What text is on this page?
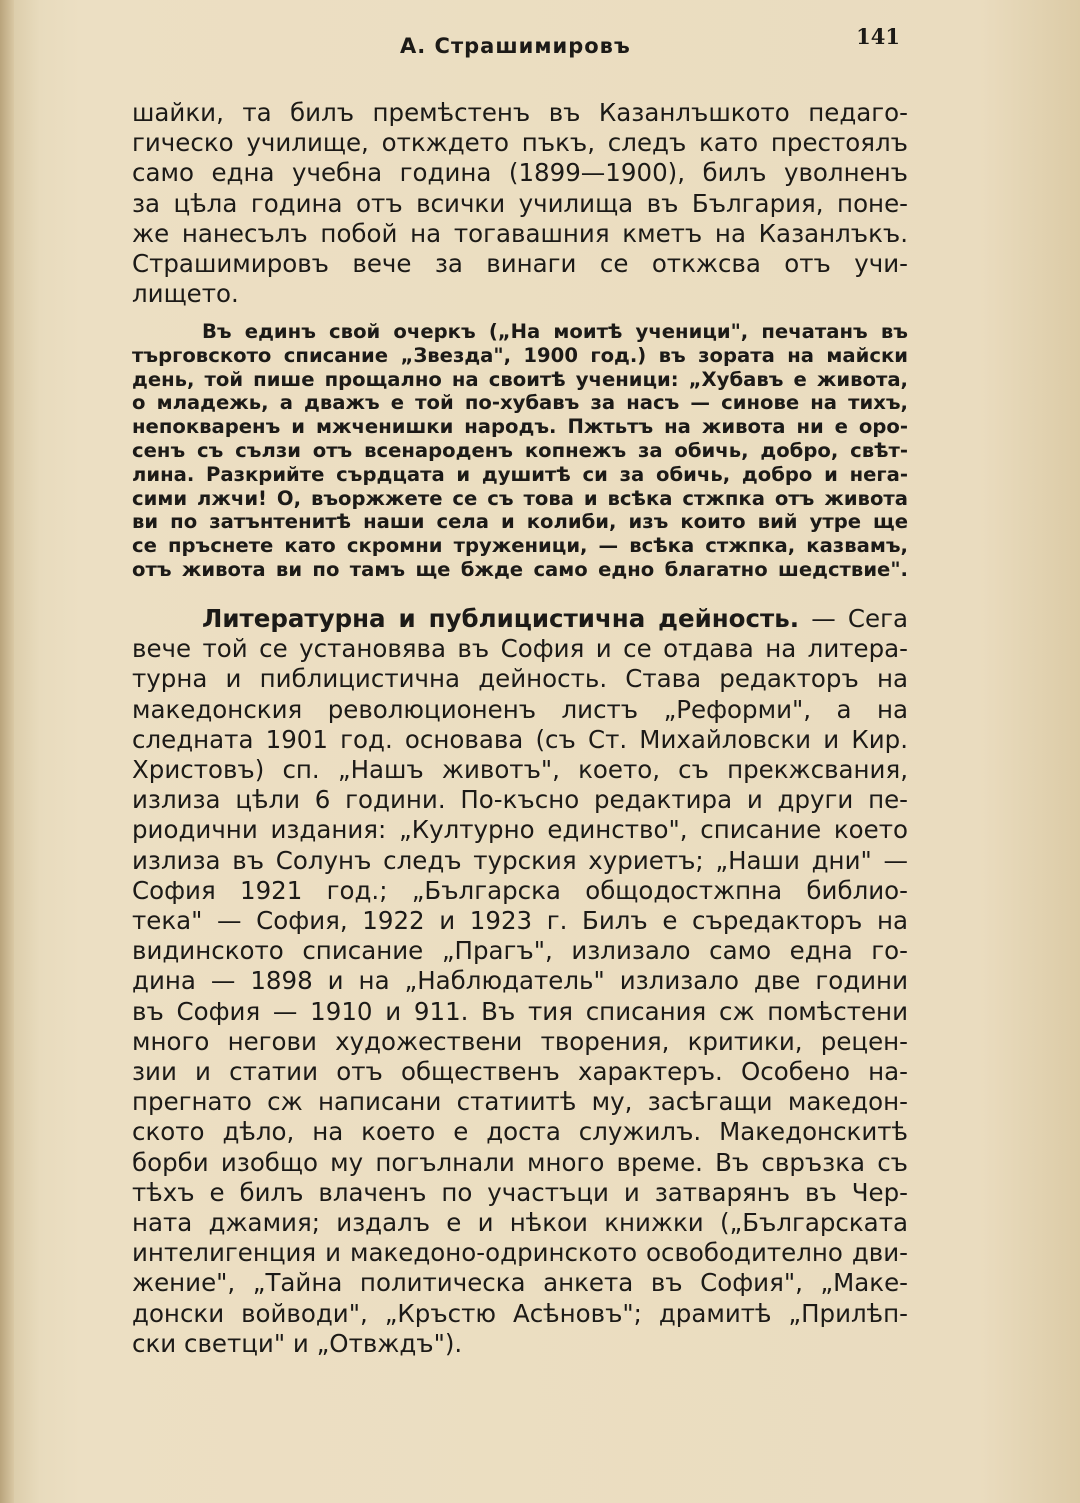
А. Страшимировъ	141
шайки, та билъ премѣстенъ въ Казанлъшкото педаго-
гическо училище, откждето пъкъ, следъ като престоялъ
само една учебна година (1899—1900), билъ уволненъ
за цѣла година отъ всички училища въ България, поне-
же нанесълъ побой на тогавашния кметъ на Казанлъкъ.
Страшимировъ вече за винаги се откжсва отъ учи-
лището.
Въ единъ свой очеркъ („На моитѣ ученици", печатанъ въ
търговското списание „Звезда", 1900 год.) въ зората на майски
день, той пише прощално на своитѣ ученици: „Хубавъ е живота,
о младежь, а дважъ е той по-хубавъ за насъ — синове на тихъ,
непокваренъ и мжченишки народъ. Пжтьтъ на живота ни е оро-
сенъ съ сълзи отъ всенароденъ копнежъ за обичь, добро, свѣт-
лина. Разкрийте сърдцата и душитѣ си за обичь, добро и нега-
сими лжчи! О, въоржжете се съ това и всѣка стжпка отъ живота
ви по затънтенитѣ наши села и колиби, изъ които вий утре ще
се пръснете като скромни труженици, — всѣка стжпка, казвамъ,
отъ живота ви по тамъ ще бжде само едно благатно шедствие".
Литературна и публицистична дейность. — Сега
вече той се установява въ София и се отдава на литера-
турна и пиблицистична дейность. Става редакторъ на
македонския революционенъ листъ „Реформи", а на
следната 1901 год. основава (съ Ст. Михайловски и Кир.
Христовъ) сп. „Нашъ животъ", което, съ прекжсвания,
излиза цѣли 6 години. По-късно редактира и други пе-
риодични издания: „Културно единство", списание което
излиза въ Солунъ следъ турския хуриетъ; „Наши дни" —
София 1921 год.; „Българска общодостжпна библио-
тека" — София, 1922 и 1923 г. Билъ е съредакторъ на
видинското списание „Прагъ", излизало само една го-
дина — 1898 и на „Наблюдатель" излизало две години
въ София — 1910 и 911. Въ тия списания сж помѣстени
много негови художествени творения, критики, рецен-
зии и статии отъ общественъ характеръ. Особено на-
прегнато сж написани статиитѣ му, засѣгащи македон-
ското дѣло, на което е доста служилъ. Македонскитѣ
борби изобщо му погълнали много време. Въ свръзка съ
тѣхъ е билъ влаченъ по участъци и затварянъ въ Чер-
ната джамия; издалъ е и нѣкои книжки („Българската
интелигенция и македоно-одринското освободително дви-
жение", „Тайна политическа анкета въ София", „Маке-
донски войводи", „Кръстю Асѣновъ"; драмитѣ „Прилѣп-
ски светци" и „Отвждъ").
